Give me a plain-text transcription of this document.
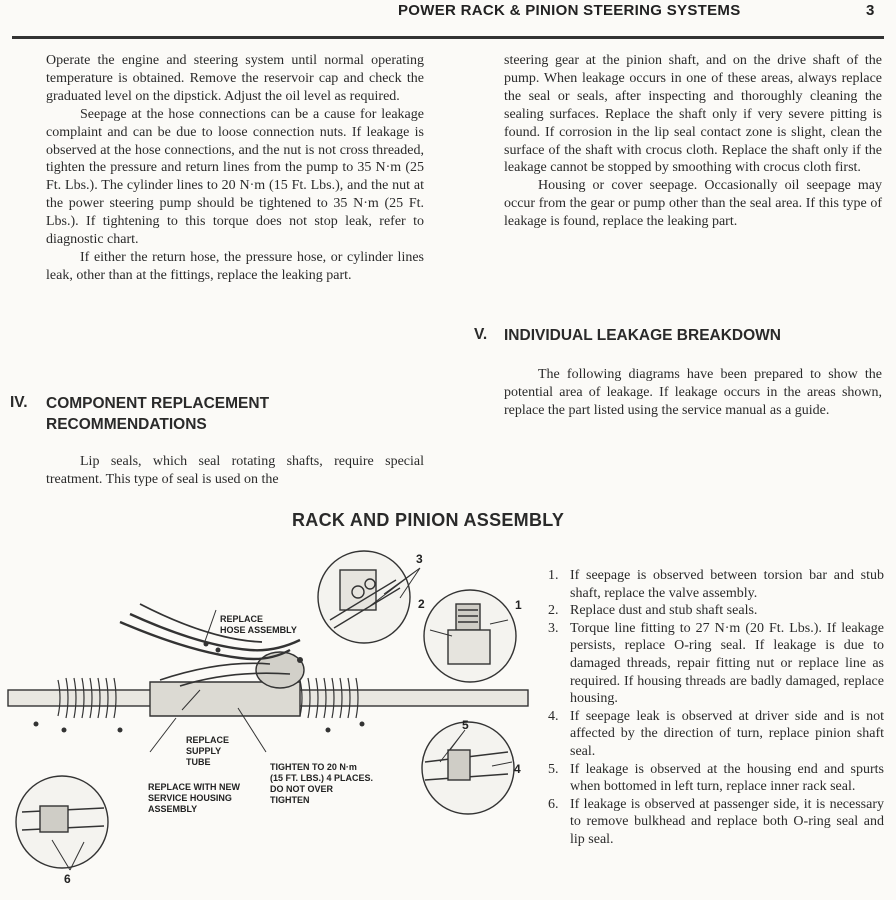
POWER RACK & PINION STEERING SYSTEMS	3

Operate the engine and steering system until normal operating temperature is obtained. Remove the reservoir cap and check the graduated level on the dipstick. Adjust the oil level as required.

Seepage at the hose connections can be a cause for leakage complaint and can be due to loose connection nuts. If leakage is observed at the hose connections, and the nut is not cross threaded, tighten the pressure and return lines from the pump to 35 N·m (25 Ft. Lbs.). The cylinder lines to 20 N·m (15 Ft. Lbs.), and the nut at the power steering pump should be tightened to 35 N·m (25 Ft. Lbs.). If tightening to this torque does not stop leak, refer to diagnostic chart.

If either the return hose, the pressure hose, or cylinder lines leak, other than at the fittings, replace the leaking part.

IV. COMPONENT REPLACEMENT
RECOMMENDATIONS

Lip seals, which seal rotating shafts, require special treatment. This type of seal is used on the

steering gear at the pinion shaft, and on the drive shaft of the pump. When leakage occurs in one of these areas, always replace the seal or seals, after inspecting and thoroughly cleaning the sealing surfaces. Replace the shaft only if very severe pitting is found. If corrosion in the lip seal contact zone is slight, clean the surface of the shaft with crocus cloth. Replace the shaft only if the leakage cannot be stopped by smoothing with crocus cloth first.

Housing or cover seepage. Occasionally oil seepage may occur from the gear or pump other than the seal area. If this type of leakage is found, replace the leaking part.

V. INDIVIDUAL LEAKAGE BREAKDOWN

The following diagrams have been prepared to show the potential area of leakage. If leakage occurs in the areas shown, replace the part listed using the service manual as a guide.

RACK AND PINION ASSEMBLY
REPLACE
HOSE ASSEMBLY
REPLACE
SUPPLY
TUBE
REPLACE WITH NEW
SERVICE HOUSING
ASSEMBLY
TIGHTEN TO 20 N·m
(15 FT. LBS.) 4 PLACES.
DO NOT OVER
TIGHTEN
3
1
2
5
4
6
1. If seepage is observed between torsion bar and stub shaft, replace the valve assembly.
2. Replace dust and stub shaft seals.
3. Torque line fitting to 27 N·m (20 Ft. Lbs.). If leakage persists, replace O-ring seal. If leakage is due to damaged threads, repair fitting nut or replace line as required. If housing threads are badly damaged, replace housing.
4. If seepage leak is observed at driver side and is not affected by the direction of turn, replace pinion shaft seal.
5. If leakage is observed at the housing end and spurts when bottomed in left turn, replace inner rack seal.
6. If leakage is observed at passenger side, it is necessary to remove bulkhead and replace both O-ring seal and lip seal.
